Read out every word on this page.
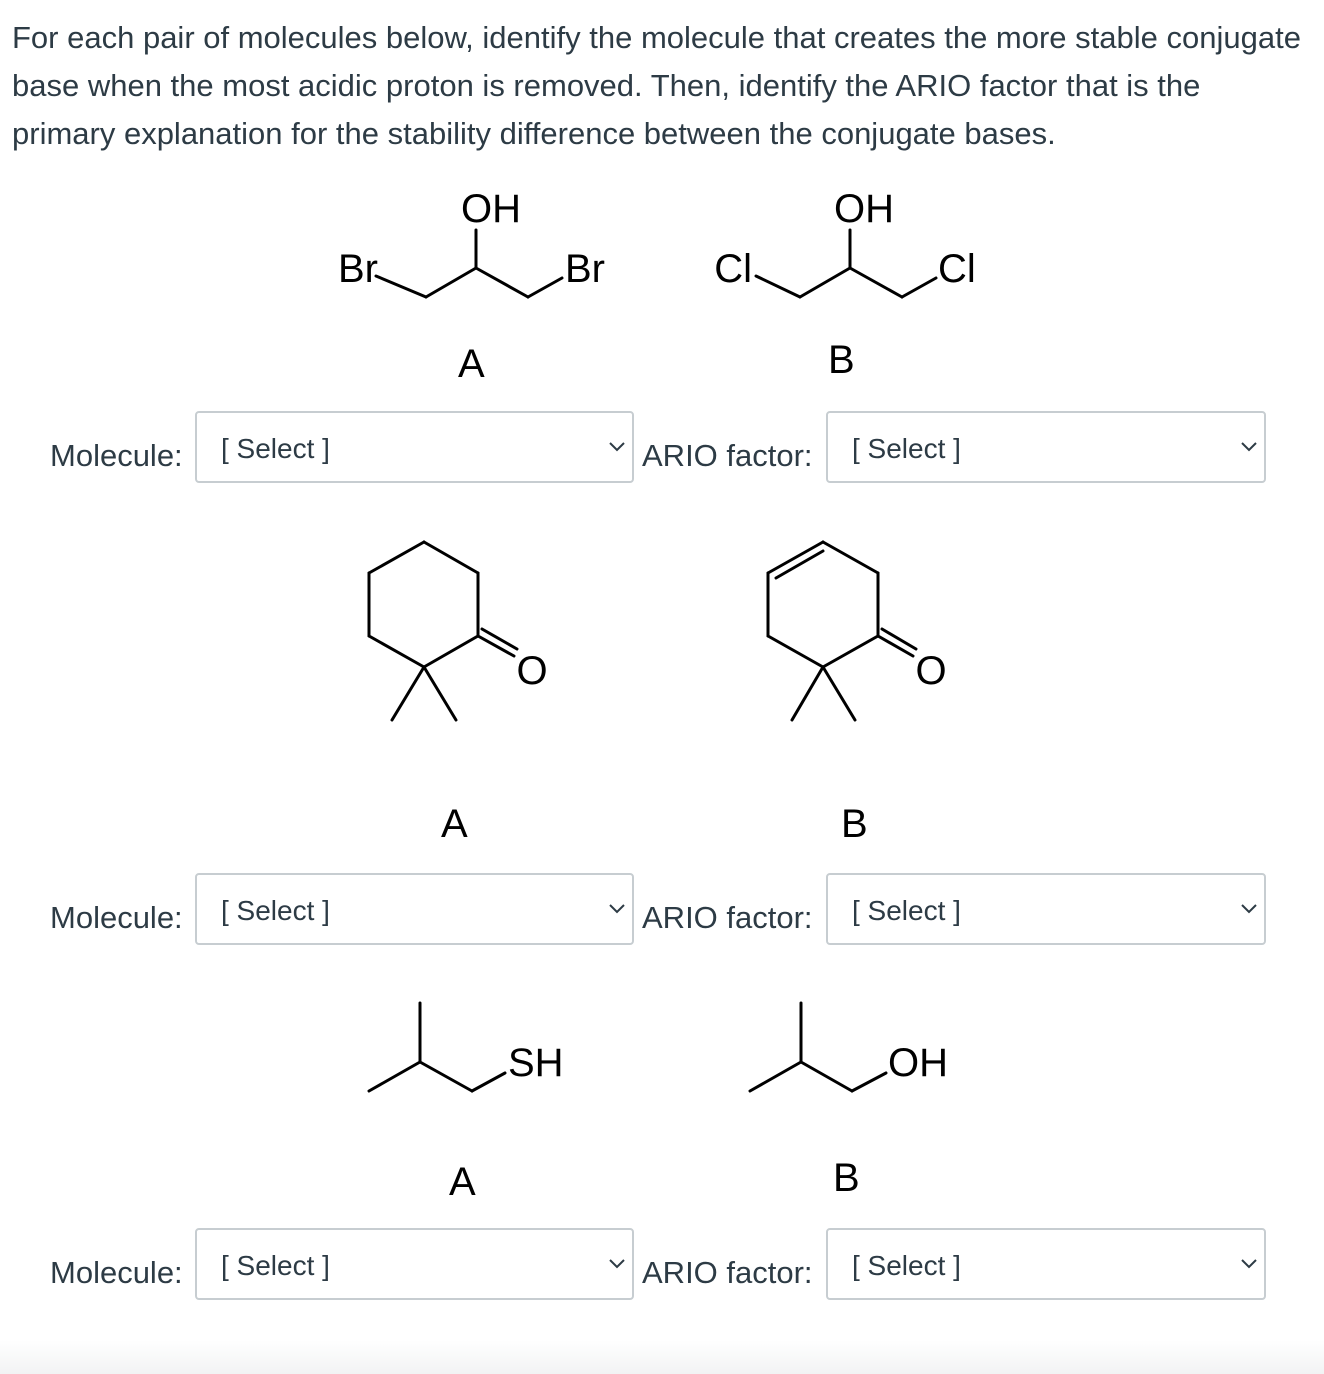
For each pair of molecules below, identify the molecule that creates the more stable conjugate base when the most acidic proton is removed. Then, identify the ARIO factor that is the primary explanation for the stability difference between the conjugate bases.

OH
Br	Br
A
OH
Cl	Cl
B
Molecule: [ Select ]	ARIO factor: [ Select ]
O
A
O
B
Molecule: [ Select ]	ARIO factor: [ Select ]
SH
A
OH
B
Molecule: [ Select ]	ARIO factor: [ Select ]
